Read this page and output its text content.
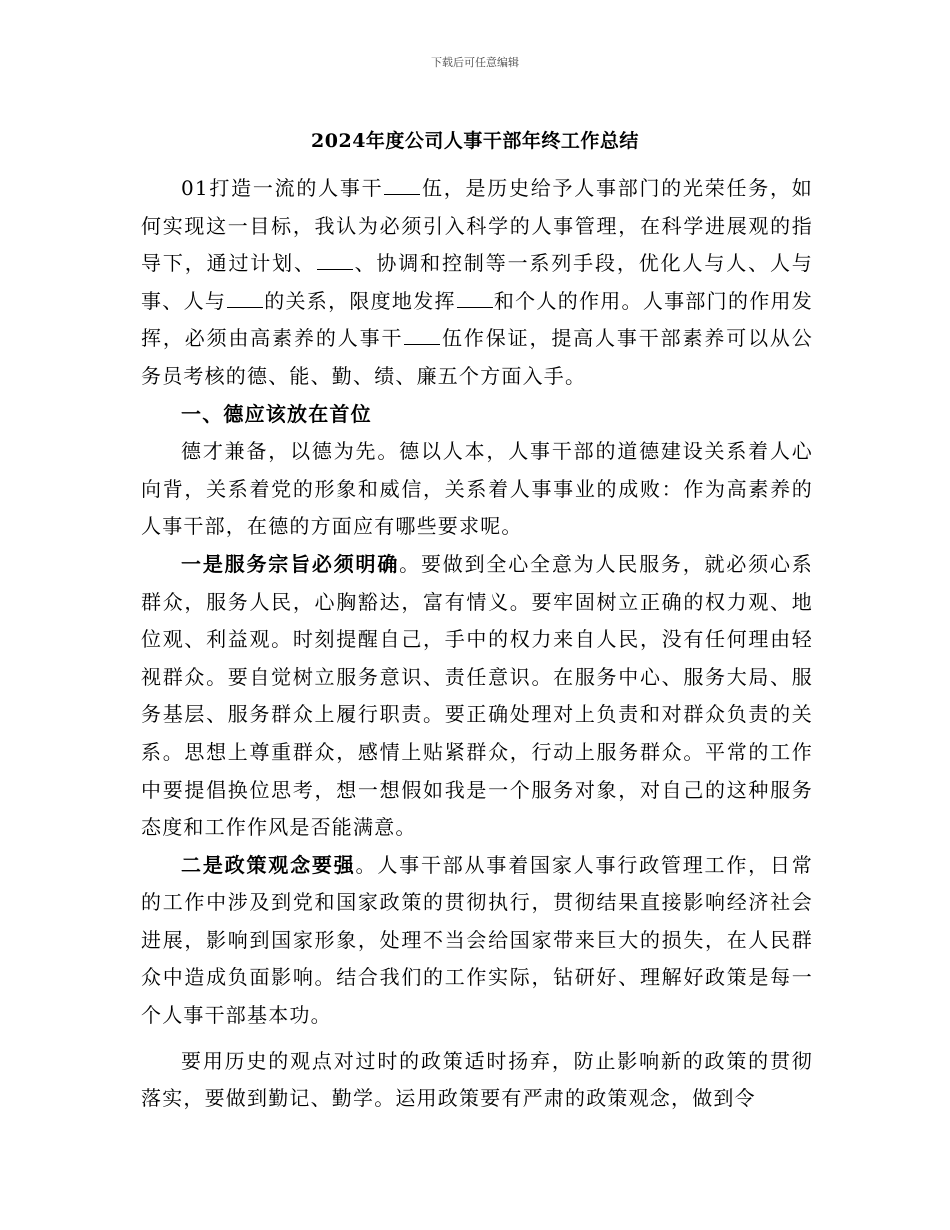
下载后可任意编辑
2024年度公司人事干部年终工作总结

01打造一流的人事干 伍，是历史给予人事部门的光荣任务，如何实现这一目标，我认为必须引入科学的人事管理，在科学进展观的指导下，通过计划、 、协调和控制等一系列手段，优化人与人、人与事、人与 的关系，限度地发挥 和个人的作用。人事部门的作用发挥，必须由高素养的人事干 伍作保证，提高人事干部素养可以从公务员考核的德、能、勤、绩、廉五个方面入手。

一、德应该放在首位

德才兼备，以德为先。德以人本，人事干部的道德建设关系着人心向背，关系着党的形象和威信，关系着人事事业的成败：作为高素养的人事干部，在德的方面应有哪些要求呢。

一是服务宗旨必须明确。要做到全心全意为人民服务，就必须心系群众，服务人民，心胸豁达，富有情义。要牢固树立正确的权力观、地位观、利益观。时刻提醒自己，手中的权力来自人民，没有任何理由轻视群众。要自觉树立服务意识、责任意识。在服务中心、服务大局、服务基层、服务群众上履行职责。要正确处理对上负责和对群众负责的关系。思想上尊重群众，感情上贴紧群众，行动上服务群众。平常的工作中要提倡换位思考，想一想假如我是一个服务对象，对自己的这种服务态度和工作作风是否能满意。

二是政策观念要强。人事干部从事着国家人事行政管理工作，日常的工作中涉及到党和国家政策的贯彻执行，贯彻结果直接影响经济社会进展，影响到国家形象，处理不当会给国家带来巨大的损失，在人民群众中造成负面影响。结合我们的工作实际，钻研好、理解好政策是每一个人事干部基本功。

要用历史的观点对过时的政策适时扬弃，防止影响新的政策的贯彻落实，要做到勤记、勤学。运用政策要有严肃的政策观念，做到令
